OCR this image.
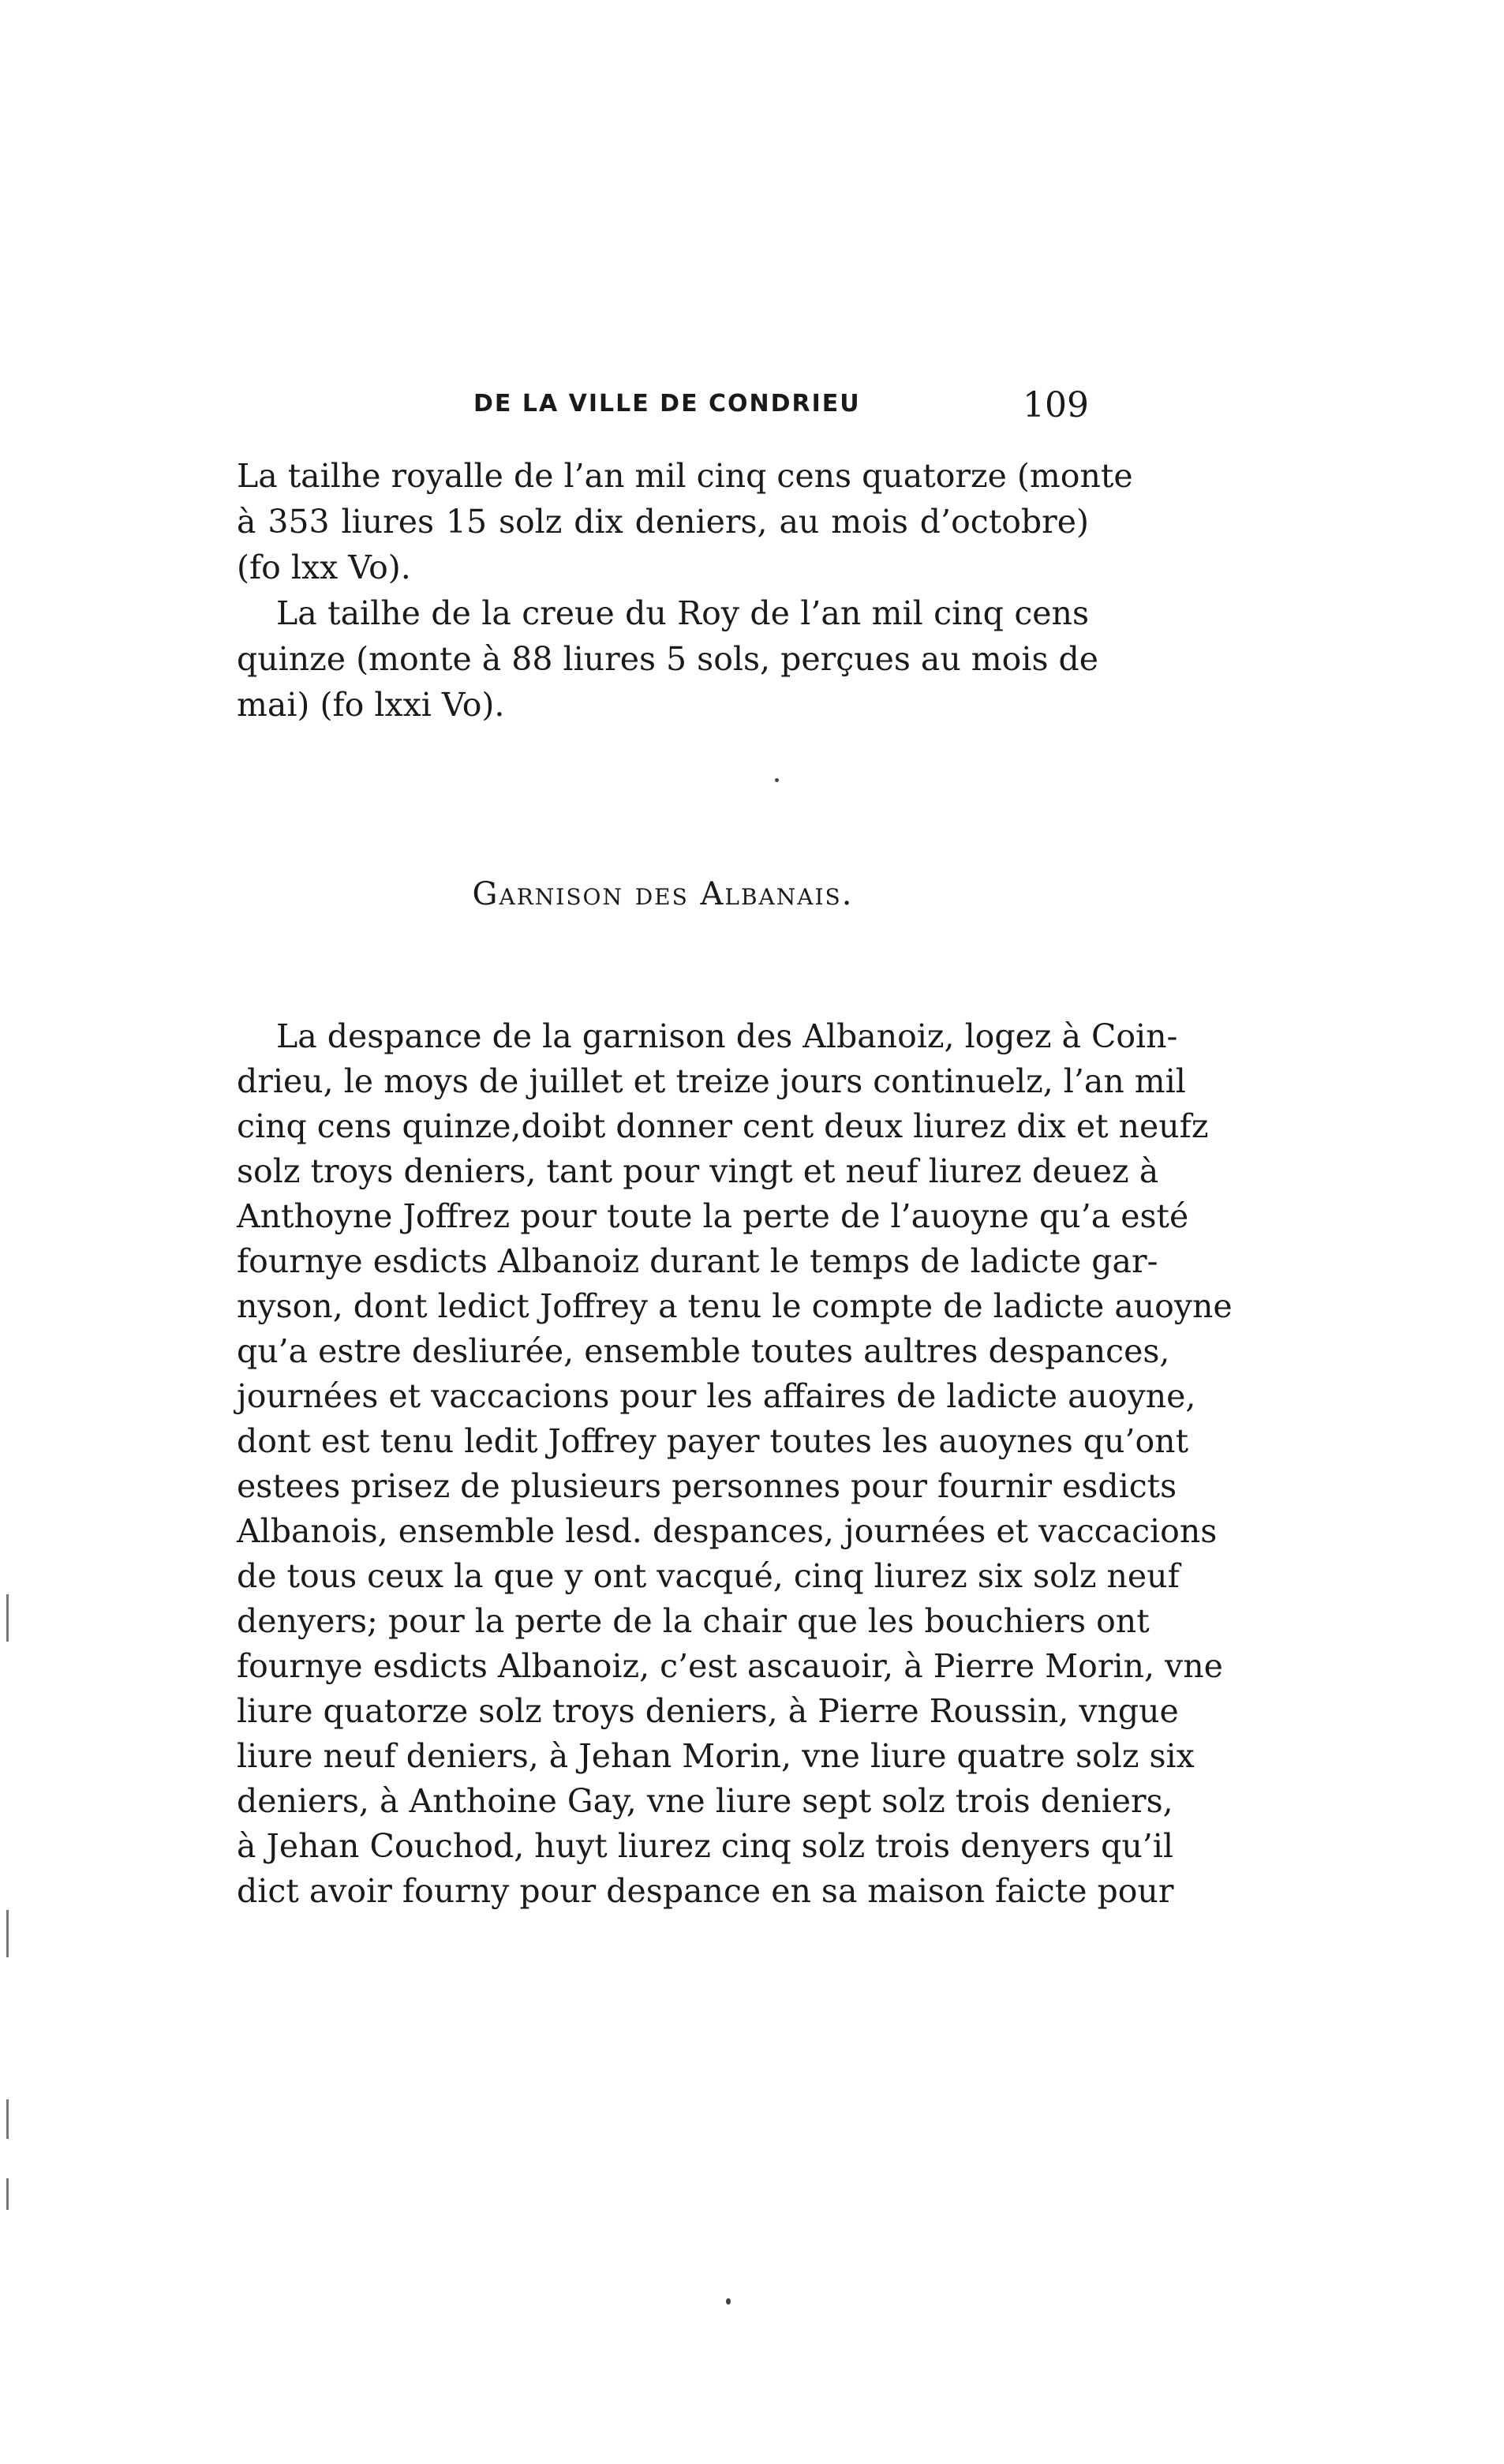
DE LA VILLE DE CONDRIEU	109
La tailhe royalle de l’an mil cinq cens quatorze (monte
à 353 liures 15 solz dix deniers, au mois d’octobre)
(fo lxx Vo).
La tailhe de la creue du Roy de l’an mil cinq cens
quinze (monte à 88 liures 5 sols, perçues au mois de
mai) (fo lxxi Vo).
Garnison des Albanais.
La despance de la garnison des Albanoiz, logez à Coin-
drieu, le moys de juillet et treize jours continuelz, l’an mil
cinq cens quinze,doibt donner cent deux liurez dix et neufz
solz troys deniers, tant pour vingt et neuf liurez deuez à
Anthoyne Joffrez pour toute la perte de l’auoyne qu’a esté
fournye esdicts Albanoiz durant le temps de ladicte gar-
nyson, dont ledict Joffrey a tenu le compte de ladicte auoyne
qu’a estre desliurée, ensemble toutes aultres despances,
journées et vaccacions pour les affaires de ladicte auoyne,
dont est tenu ledit Joffrey payer toutes les auoynes qu’ont
estees prisez de plusieurs personnes pour fournir esdicts
Albanois, ensemble lesd. despances, journées et vaccacions
de tous ceux la que y ont vacqué, cinq liurez six solz neuf
denyers; pour la perte de la chair que les bouchiers ont
fournye esdicts Albanoiz, c’est ascauoir, à Pierre Morin, vne
liure quatorze solz troys deniers, à Pierre Roussin, vngue
liure neuf deniers, à Jehan Morin, vne liure quatre solz six
deniers, à Anthoine Gay, vne liure sept solz trois deniers,
à Jehan Couchod, huyt liurez cinq solz trois denyers qu’il
dict avoir fourny pour despance en sa maison faicte pour
